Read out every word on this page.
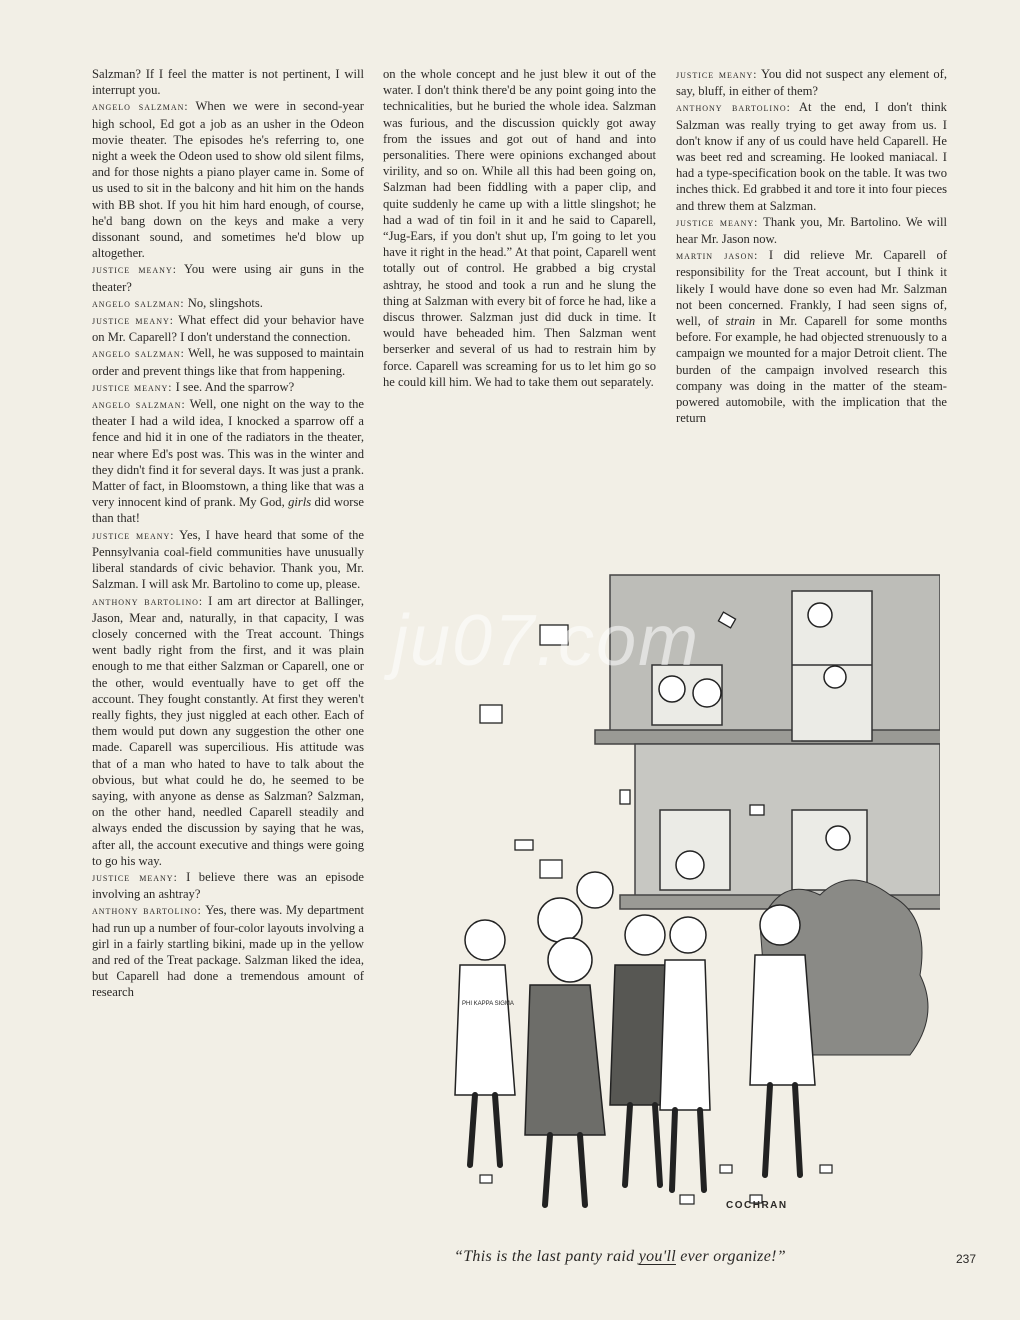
Salzman? If I feel the matter is not pertinent, I will interrupt you.

angelo salzman: When we were in second-year high school, Ed got a job as an usher in the Odeon movie theater. The episodes he's referring to, one night a week the Odeon used to show old silent films, and for those nights a piano player came in. Some of us used to sit in the balcony and hit him on the hands with BB shot. If you hit him hard enough, of course, he'd bang down on the keys and make a very dissonant sound, and sometimes he'd blow up altogether.

justice meany: You were using air guns in the theater?

angelo salzman: No, slingshots.

justice meany: What effect did your behavior have on Mr. Caparell? I don't understand the connection.

angelo salzman: Well, he was supposed to maintain order and prevent things like that from happening.

justice meany: I see. And the sparrow?

angelo salzman: Well, one night on the way to the theater I had a wild idea, I knocked a sparrow off a fence and hid it in one of the radiators in the theater, near where Ed's post was. This was in the winter and they didn't find it for several days. It was just a prank. Matter of fact, in Bloomstown, a thing like that was a very innocent kind of prank. My God, girls did worse than that!

justice meany: Yes, I have heard that some of the Pennsylvania coal-field communities have unusually liberal standards of civic behavior. Thank you, Mr. Salzman. I will ask Mr. Bartolino to come up, please.

anthony bartolino: I am art director at Ballinger, Jason, Mear and, naturally, in that capacity, I was closely concerned with the Treat account. Things went badly right from the first, and it was plain enough to me that either Salzman or Caparell, one or the other, would eventually have to get off the account. They fought constantly. At first they weren't really fights, they just niggled at each other. Each of them would put down any suggestion the other one made. Caparell was supercilious. His attitude was that of a man who hated to have to talk about the obvious, but what could he do, he seemed to be saying, with anyone as dense as Salzman? Salzman, on the other hand, needled Caparell steadily and always ended the discussion by saying that he was, after all, the account executive and things were going to go his way.

justice meany: I believe there was an episode involving an ashtray?

anthony bartolino: Yes, there was. My department had run up a number of four-color layouts involving a girl in a fairly startling bikini, made up in the yellow and red of the Treat package. Salzman liked the idea, but Caparell had done a tremendous amount of research

on the whole concept and he just blew it out of the water. I don't think there'd be any point going into the technicalities, but he buried the whole idea. Salzman was furious, and the discussion quickly got away from the issues and got out of hand and into personalities. There were opinions exchanged about virility, and so on. While all this had been going on, Salzman had been fiddling with a paper clip, and quite suddenly he came up with a little slingshot; he had a wad of tin foil in it and he said to Caparell, “Jug-Ears, if you don't shut up, I'm going to let you have it right in the head.” At that point, Caparell went totally out of control. He grabbed a big crystal ashtray, he stood and took a run and he slung the thing at Salzman with every bit of force he had, like a discus thrower. Salzman just did duck in time. It would have beheaded him. Then Salzman went berserker and several of us had to restrain him by force. Caparell was screaming for us to let him go so he could kill him. We had to take them out separately.

justice meany: You did not suspect any element of, say, bluff, in either of them?

anthony bartolino: At the end, I don't think Salzman was really trying to get away from us. I don't know if any of us could have held Caparell. He was beet red and screaming. He looked maniacal. I had a type-specification book on the table. It was two inches thick. Ed grabbed it and tore it into four pieces and threw them at Salzman.

justice meany: Thank you, Mr. Bartolino. We will hear Mr. Jason now.

martin jason: I did relieve Mr. Caparell of responsibility for the Treat account, but I think it likely I would have done so even had Mr. Salzman not been concerned. Frankly, I had seen signs of, well, of strain in Mr. Caparell for some months before. For example, he had objected strenuously to a campaign we mounted for a major Detroit client. The burden of the campaign involved research this company was doing in the matter of the steam-powered automobile, with the implication that the return

PHI KAPPA SIGMA
COCHRAN
ju07.com
“This is the last panty raid you'll ever organize!”	237
